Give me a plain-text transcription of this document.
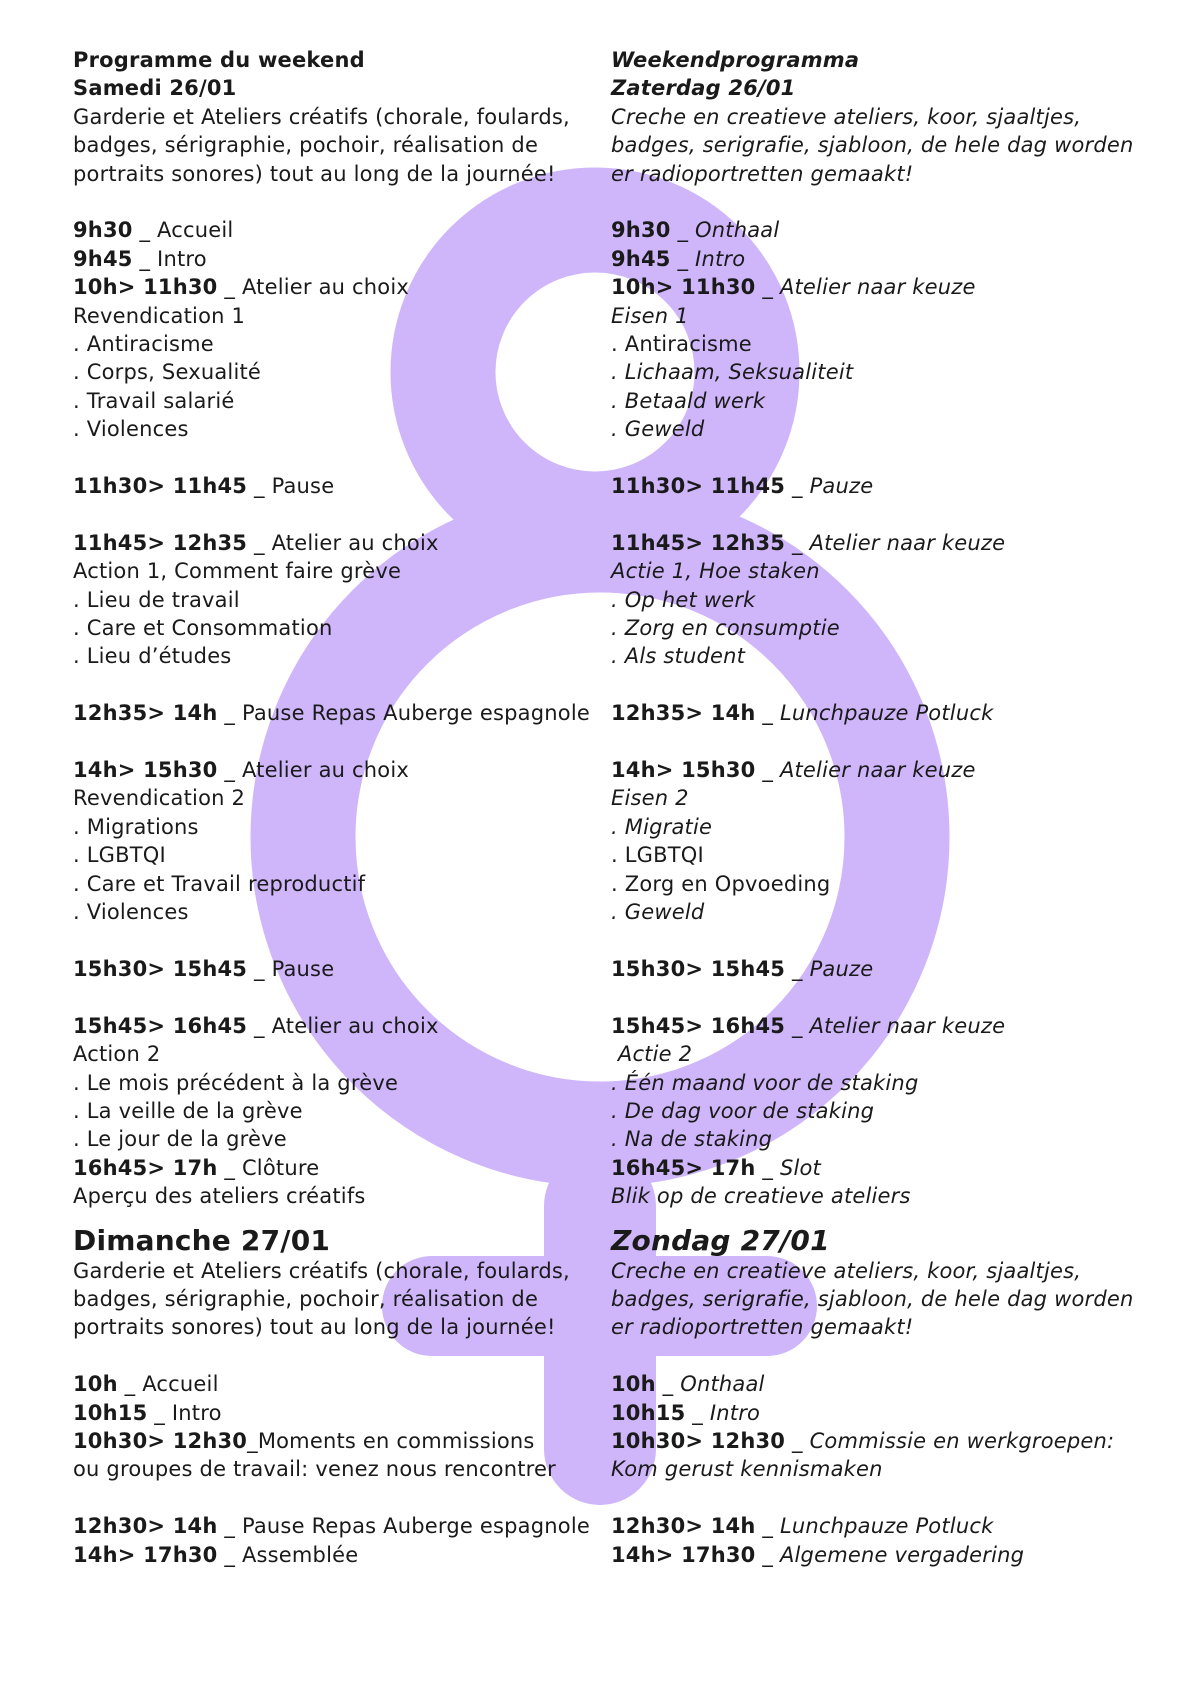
Programme du weekend
Samedi 26/01
Garderie et Ateliers créatifs (chorale, foulards,
badges, sérigraphie, pochoir, réalisation de
portraits sonores) tout au long de la journée!
9h30 _ Accueil
9h45 _ Intro
10h> 11h30 _ Atelier au choix
Revendication 1
. Antiracisme
. Corps, Sexualité
. Travail salarié
. Violences
11h30> 11h45 _ Pause
11h45> 12h35 _ Atelier au choix
Action 1, Comment faire grève
. Lieu de travail
. Care et Consommation
. Lieu d’études
12h35> 14h _ Pause Repas Auberge espagnole
14h> 15h30 _ Atelier au choix
Revendication 2
. Migrations
. LGBTQI
. Care et Travail reproductif
. Violences
15h30> 15h45 _ Pause
15h45> 16h45 _ Atelier au choix
Action 2
. Le mois précédent à la grève
. La veille de la grève
. Le jour de la grève
16h45> 17h _ Clôture
Aperçu des ateliers créatifs
Dimanche 27/01
Garderie et Ateliers créatifs (chorale, foulards,
badges, sérigraphie, pochoir, réalisation de
portraits sonores) tout au long de la journée!
10h _ Accueil
10h15 _ Intro
10h30> 12h30_Moments en commissions
ou groupes de travail: venez nous rencontrer
12h30> 14h _ Pause Repas Auberge espagnole
14h> 17h30 _ Assemblée
Weekendprogramma
Zaterdag 26/01
Creche en creatieve ateliers, koor, sjaaltjes,
badges, serigrafie, sjabloon, de hele dag worden
er radioportretten gemaakt!
9h30 _ Onthaal
9h45 _ Intro
10h> 11h30 _ Atelier naar keuze
Eisen 1
. Antiracisme
. Lichaam, Seksualiteit
. Betaald werk
. Geweld
11h30> 11h45 _ Pauze
11h45> 12h35 _ Atelier naar keuze
Actie 1, Hoe staken
. Op het werk
. Zorg en consumptie
. Als student
12h35> 14h _ Lunchpauze Potluck
14h> 15h30 _ Atelier naar keuze
Eisen 2
. Migratie
. LGBTQI
. Zorg en Opvoeding
. Geweld
15h30> 15h45 _ Pauze
15h45> 16h45 _ Atelier naar keuze
Actie 2
. Één maand voor de staking
. De dag voor de staking
. Na de staking
16h45> 17h _ Slot
Blik op de creatieve ateliers
Zondag 27/01
Creche en creatieve ateliers, koor, sjaaltjes,
badges, serigrafie, sjabloon, de hele dag worden
er radioportretten gemaakt!
10h _ Onthaal
10h15 _ Intro
10h30> 12h30 _ Commissie en werkgroepen:
Kom gerust kennismaken
12h30> 14h _ Lunchpauze Potluck
14h> 17h30 _ Algemene vergadering
